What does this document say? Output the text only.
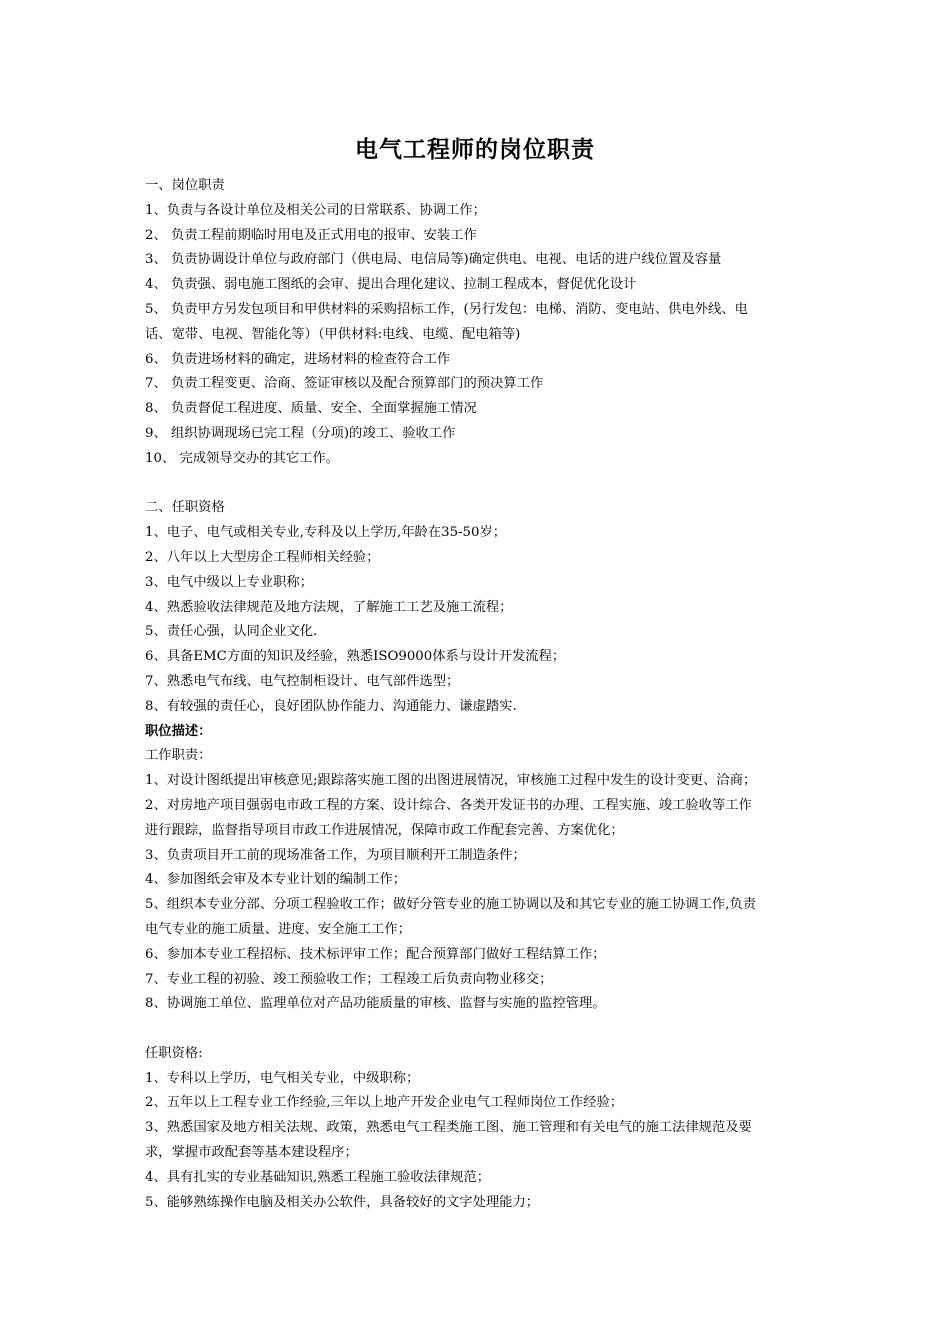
电气工程师的岗位职责
一、岗位职责
1、负责与各设计单位及相关公司的日常联系、协调工作；
2、 负责工程前期临时用电及正式用电的报审、安装工作
3、 负责协调设计单位与政府部门（供电局、电信局等)确定供电、电视、电话的进户线位置及容量
4、 负责强、弱电施工图纸的会审、提出合理化建议、拉制工程成本，督促优化设计
5、 负责甲方另发包项目和甲供材料的采购招标工作，(另行发包：电梯、消防、变电站、供电外线、电
话、宽带、电视、智能化等）（甲供材料:电线、电缆、配电箱等)
6、 负责进场材料的确定，进场材料的检查符合工作
7、 负责工程变更、洽商、签证审核以及配合预算部门的预决算工作
8、 负责督促工程进度、质量、安全、全面掌握施工情况
9、 组织协调现场已完工程（分项)的竣工、验收工作
10、 完成领导交办的其它工作。
二、任职资格
1、电子、电气或相关专业,专科及以上学历,年龄在35-50岁；
2、八年以上大型房企工程师相关经验；
3、电气中级以上专业职称；
4、熟悉验收法律规范及地方法规，了解施工工艺及施工流程；
5、责任心强，认同企业文化.
6、具备EMC方面的知识及经验，熟悉ISO9000体系与设计开发流程；
7、熟悉电气布线、电气控制柜设计、电气部件选型；
8、有较强的责任心，良好团队协作能力、沟通能力、谦虚踏实.
职位描述：
工作职责：
1、对设计图纸提出审核意见;跟踪落实施工图的出图进展情况，审核施工过程中发生的设计变更、洽商；
2、对房地产项目强弱电市政工程的方案、设计综合、各类开发证书的办理、工程实施、竣工验收等工作
进行跟踪，监督指导项目市政工作进展情况，保障市政工作配套完善、方案优化；
3、负责项目开工前的现场准备工作，为项目顺利开工制造条件；
4、参加图纸会审及本专业计划的编制工作；
5、组织本专业分部、分项工程验收工作；做好分管专业的施工协调以及和其它专业的施工协调工作,负责
电气专业的施工质量、进度、安全施工工作；
6、参加本专业工程招标、技术标评审工作；配合预算部门做好工程结算工作；
7、专业工程的初验、竣工预验收工作；工程竣工后负责向物业移交；
8、协调施工单位、监理单位对产品功能质量的审核、监督与实施的监控管理。
任职资格:
1、专科以上学历，电气相关专业，中级职称；
2、五年以上工程专业工作经验,三年以上地产开发企业电气工程师岗位工作经验；
3、熟悉国家及地方相关法规、政策，熟悉电气工程类施工图、施工管理和有关电气的施工法律规范及要
求，掌握市政配套等基本建设程序；
4、具有扎实的专业基础知识,熟悉工程施工验收法律规范；
5、能够熟练操作电脑及相关办公软件，具备较好的文字处理能力；
